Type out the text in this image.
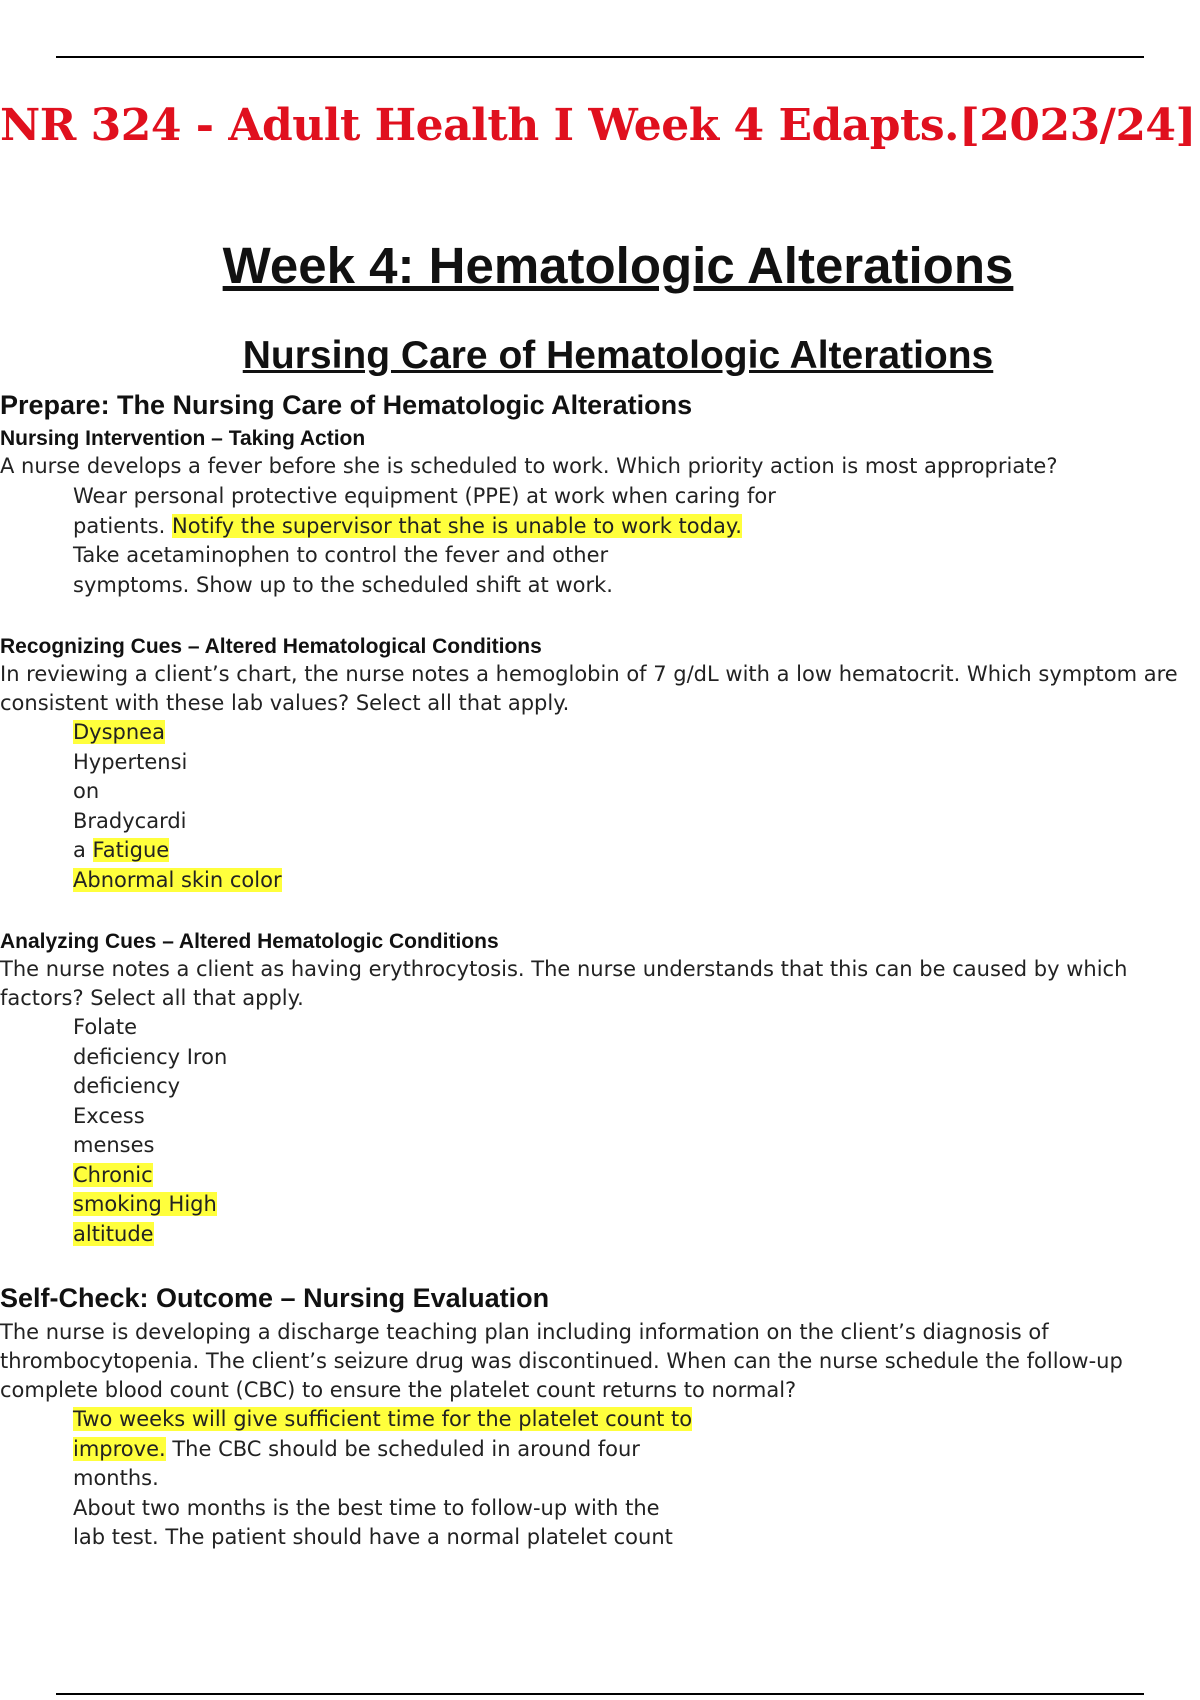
NR 324 - Adult Health I Week 4 Edapts.[2023/24]
Week 4: Hematologic Alterations
Nursing Care of Hematologic Alterations
Prepare: The Nursing Care of Hematologic Alterations
Nursing Intervention – Taking Action

A nurse develops a fever before she is scheduled to work. Which priority action is most appropriate?

Wear personal protective equipment (PPE) at work when caring for
patients. Notify the supervisor that she is unable to work today.
Take acetaminophen to control the fever and other
symptoms. Show up to the scheduled shift at work.
Recognizing Cues – Altered Hematological Conditions

In reviewing a client’s chart, the nurse notes a hemoglobin of 7 g/dL with a low hematocrit. Which symptom are consistent with these lab values? Select all that apply.

Dyspnea
Hypertensi
on
Bradycardi
a Fatigue
Abnormal skin color
Analyzing Cues – Altered Hematologic Conditions

The nurse notes a client as having erythrocytosis. The nurse understands that this can be caused by which factors? Select all that apply.

Folate
deficiency Iron
deficiency
Excess
menses
Chronic
smoking High
altitude
Self-Check: Outcome – Nursing Evaluation

The nurse is developing a discharge teaching plan including information on the client’s diagnosis of thrombocytopenia. The client’s seizure drug was discontinued. When can the nurse schedule the follow-up complete blood count (CBC) to ensure the platelet count returns to normal?

Two weeks will give sufficient time for the platelet count to
improve. The CBC should be scheduled in around four
months.
About two months is the best time to follow-up with the
lab test. The patient should have a normal platelet count
